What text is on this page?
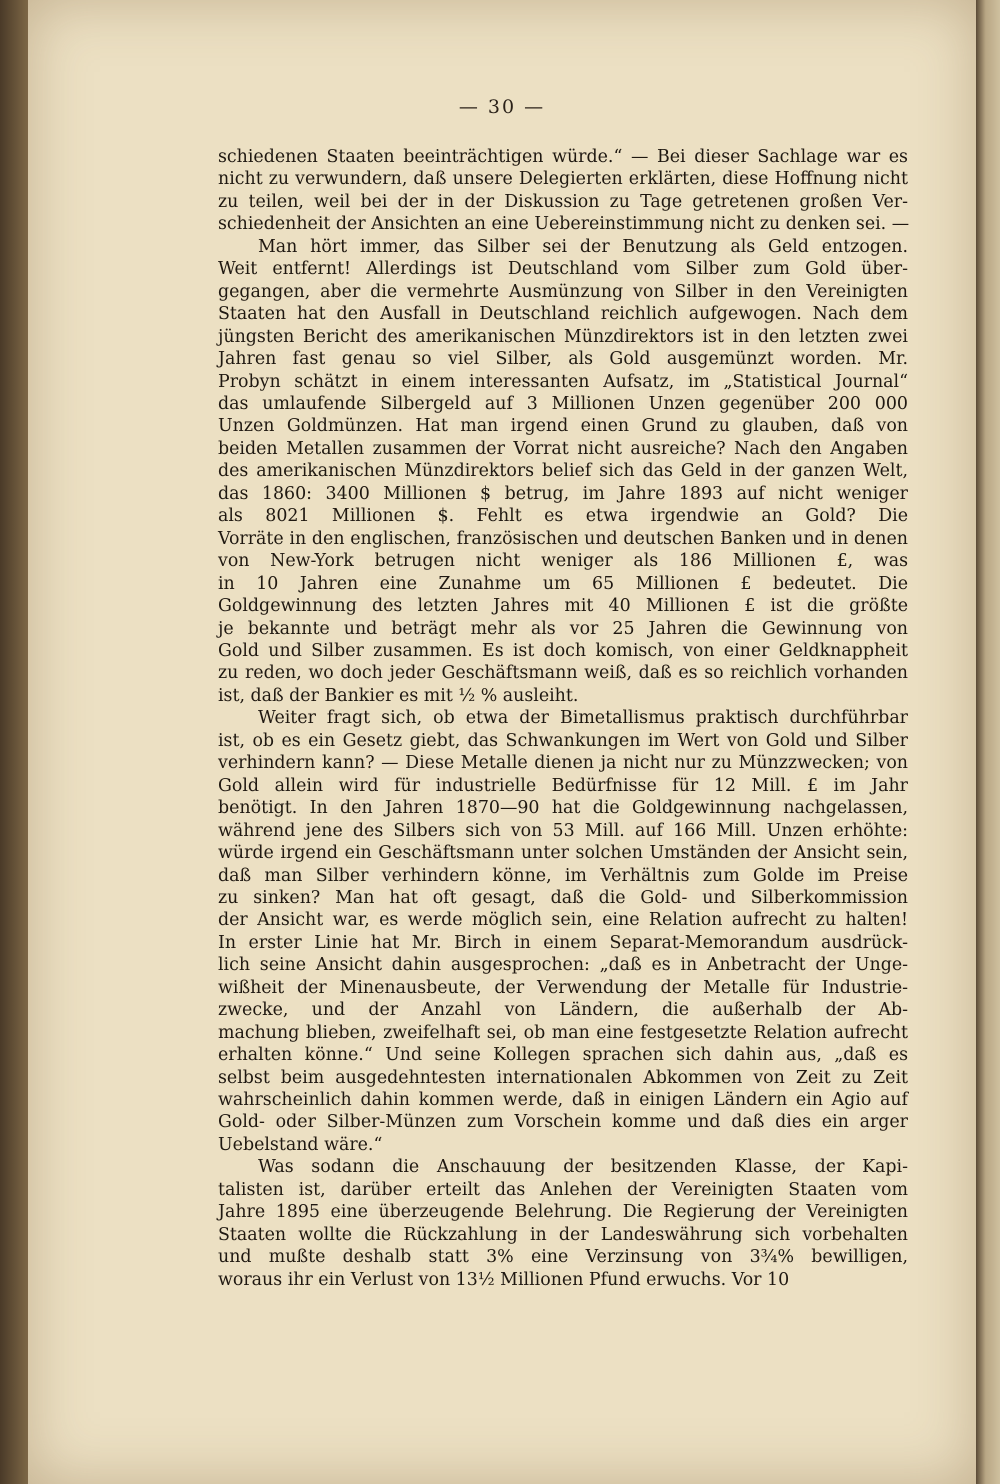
— 30 —
schiedenen Staaten beeinträchtigen würde.“ — Bei dieser Sachlage war es
nicht zu verwundern, daß unsere Delegierten erklärten, diese Hoffnung nicht
zu teilen, weil bei der in der Diskussion zu Tage getretenen großen Ver-
schiedenheit der Ansichten an eine Uebereinstimmung nicht zu denken sei. —
Man hört immer, das Silber sei der Benutzung als Geld entzogen.
Weit entfernt! Allerdings ist Deutschland vom Silber zum Gold über-
gegangen, aber die vermehrte Ausmünzung von Silber in den Vereinigten
Staaten hat den Ausfall in Deutschland reichlich aufgewogen. Nach dem
jüngsten Bericht des amerikanischen Münzdirektors ist in den letzten zwei
Jahren fast genau so viel Silber, als Gold ausgemünzt worden. Mr.
Probyn schätzt in einem interessanten Aufsatz, im „Statistical Journal“
das umlaufende Silbergeld auf 3 Millionen Unzen gegenüber 200 000
Unzen Goldmünzen. Hat man irgend einen Grund zu glauben, daß von
beiden Metallen zusammen der Vorrat nicht ausreiche? Nach den Angaben
des amerikanischen Münzdirektors belief sich das Geld in der ganzen Welt,
das 1860: 3400 Millionen $ betrug, im Jahre 1893 auf nicht weniger
als 8021 Millionen $. Fehlt es etwa irgendwie an Gold? Die
Vorräte in den englischen, französischen und deutschen Banken und in denen
von New-York betrugen nicht weniger als 186 Millionen £, was
in 10 Jahren eine Zunahme um 65 Millionen £ bedeutet. Die
Goldgewinnung des letzten Jahres mit 40 Millionen £ ist die größte
je bekannte und beträgt mehr als vor 25 Jahren die Gewinnung von
Gold und Silber zusammen. Es ist doch komisch, von einer Geldknappheit
zu reden, wo doch jeder Geschäftsmann weiß, daß es so reichlich vorhanden
ist, daß der Bankier es mit ½ % ausleiht.
Weiter fragt sich, ob etwa der Bimetallismus praktisch durchführbar
ist, ob es ein Gesetz giebt, das Schwankungen im Wert von Gold und Silber
verhindern kann? — Diese Metalle dienen ja nicht nur zu Münzzwecken; von
Gold allein wird für industrielle Bedürfnisse für 12 Mill. £ im Jahr
benötigt. In den Jahren 1870—90 hat die Goldgewinnung nachgelassen,
während jene des Silbers sich von 53 Mill. auf 166 Mill. Unzen erhöhte:
würde irgend ein Geschäftsmann unter solchen Umständen der Ansicht sein,
daß man Silber verhindern könne, im Verhältnis zum Golde im Preise
zu sinken? Man hat oft gesagt, daß die Gold- und Silberkommission
der Ansicht war, es werde möglich sein, eine Relation aufrecht zu halten!
In erster Linie hat Mr. Birch in einem Separat-Memorandum ausdrück-
lich seine Ansicht dahin ausgesprochen: „daß es in Anbetracht der Unge-
wißheit der Minenausbeute, der Verwendung der Metalle für Industrie-
zwecke, und der Anzahl von Ländern, die außerhalb der Ab-
machung blieben, zweifelhaft sei, ob man eine festgesetzte Relation aufrecht
erhalten könne.“ Und seine Kollegen sprachen sich dahin aus, „daß es
selbst beim ausgedehntesten internationalen Abkommen von Zeit zu Zeit
wahrscheinlich dahin kommen werde, daß in einigen Ländern ein Agio auf
Gold- oder Silber-Münzen zum Vorschein komme und daß dies ein arger
Uebelstand wäre.“
Was sodann die Anschauung der besitzenden Klasse, der Kapi-
talisten ist, darüber erteilt das Anlehen der Vereinigten Staaten vom
Jahre 1895 eine überzeugende Belehrung. Die Regierung der Vereinigten
Staaten wollte die Rückzahlung in der Landeswährung sich vorbehalten
und mußte deshalb statt 3% eine Verzinsung von 3¾% bewilligen,
woraus ihr ein Verlust von 13½ Millionen Pfund erwuchs. Vor 10
